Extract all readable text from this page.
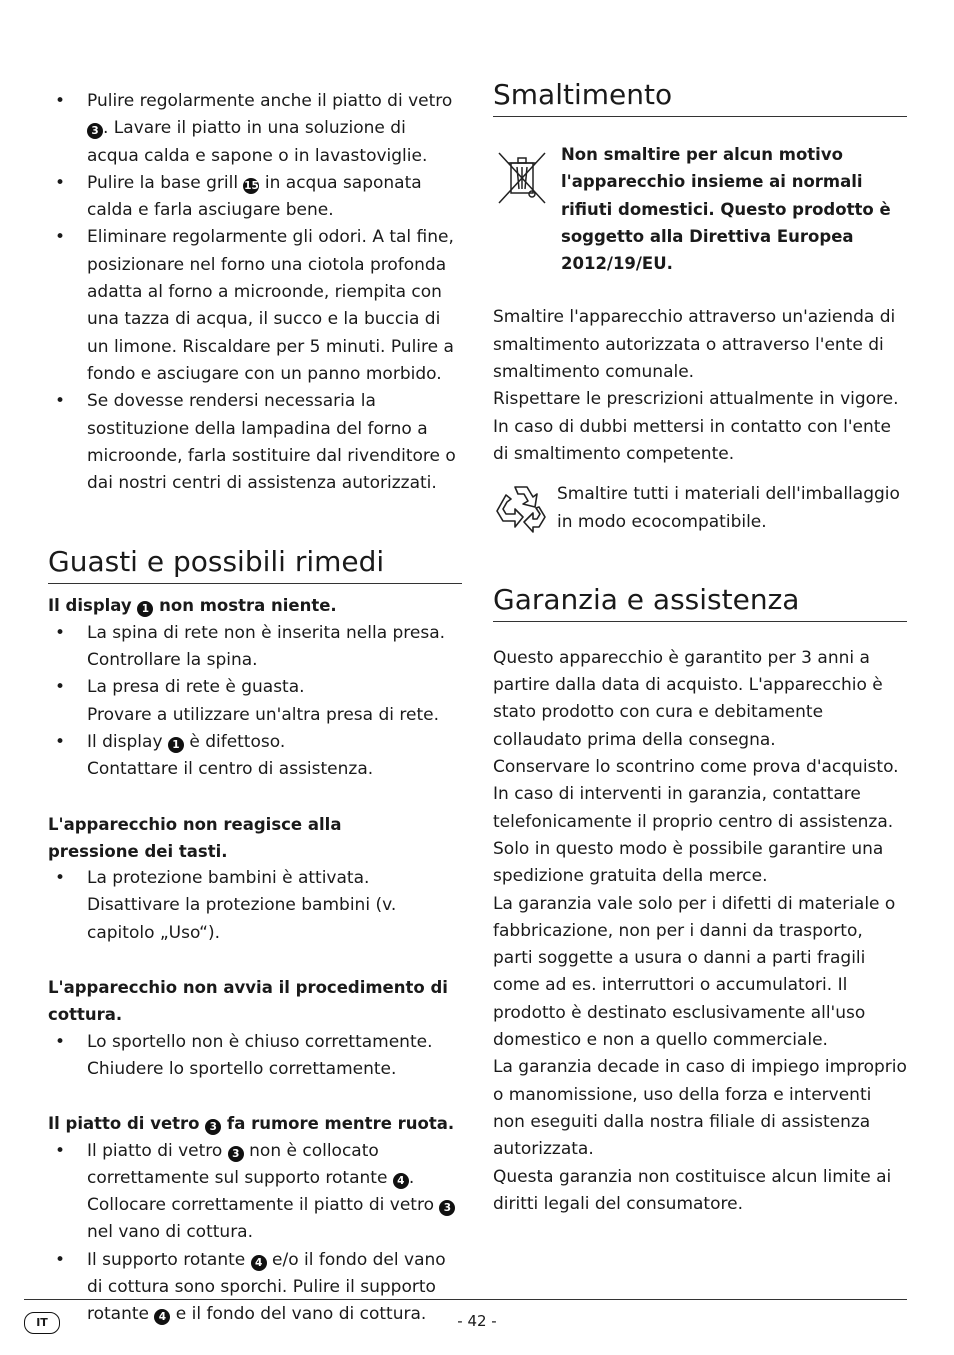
• Pulire regolarmente anche il piatto di vetro 3 . Lavare il piatto in una soluzione di acqua calda e sapone o in lavastoviglie.
• Pulire la base grill 15 in acqua saponata calda e farla asciugare bene.
• Eliminare regolarmente gli odori. A tal fine, posizionare nel forno una ciotola profonda adatta al forno a microonde, riempita con una tazza di acqua, il succo e la buccia di un limone. Riscaldare per 5 minuti. Pulire a fondo e asciugare con un panno morbido.
• Se dovesse rendersi necessaria la sostituzione della lampadina del forno a microonde, farla sostituire dal rivenditore o dai nostri centri di assistenza autorizzati.
Guasti e possibili rimedi
Il display 1 non mostra niente.
• La spina di rete non è inserita nella presa.
Controllare la spina.
• La presa di rete è guasta.
Provare a utilizzare un'altra presa di rete.
• Il display 1 è difettoso.
Contattare il centro di assistenza.
L'apparecchio non reagisce alla pressione dei tasti.
• La protezione bambini è attivata. Disattivare la protezione bambini (v. capitolo „Uso“).
L'apparecchio non avvia il procedimento di cottura.
• Lo sportello non è chiuso correttamente. Chiudere lo sportello correttamente.
Il piatto di vetro 3 fa rumore mentre ruota.
• Il piatto di vetro 3 non è collocato correttamente sul supporto rotante 4 .
Collocare correttamente il piatto di vetro 3 nel vano di cottura.
• Il supporto rotante 4 e/o il fondo del vano di cottura sono sporchi. Pulire il supporto rotante 4 e il fondo del vano di cottura.
Smaltimento
Non smaltire per alcun motivo l'apparecchio insieme ai normali rifiuti domestici. Questo prodotto è soggetto alla Direttiva Europea 2012/19/EU.

Smaltire l'apparecchio attraverso un'azienda di smaltimento autorizzata o attraverso l'ente di smaltimento comunale.

Rispettare le prescrizioni attualmente in vigore.

In caso di dubbi mettersi in contatto con l'ente di smaltimento competente.

Smaltire tutti i materiali dell'imballaggio in modo ecocompatibile.
Garanzia e assistenza

Questo apparecchio è garantito per 3 anni a partire dalla data di acquisto. L'apparecchio è stato prodotto con cura e debitamente collaudato prima della consegna.

Conservare lo scontrino come prova d'acquisto. In caso di interventi in garanzia, contattare telefonicamente il proprio centro di assistenza. Solo in questo modo è possibile garantire una spedizione gratuita della merce.

La garanzia vale solo per i difetti di materiale o fabbricazione, non per i danni da trasporto, parti soggette a usura o danni a parti fragili come ad es. interruttori o accumulatori. Il prodotto è destinato esclusivamente all'uso domestico e non a quello commerciale.

La garanzia decade in caso di impiego improprio o manomissione, uso della forza e interventi non eseguiti dalla nostra filiale di assistenza autorizzata.

Questa garanzia non costituisce alcun limite ai diritti legali del consumatore.

IT	- 42 -
